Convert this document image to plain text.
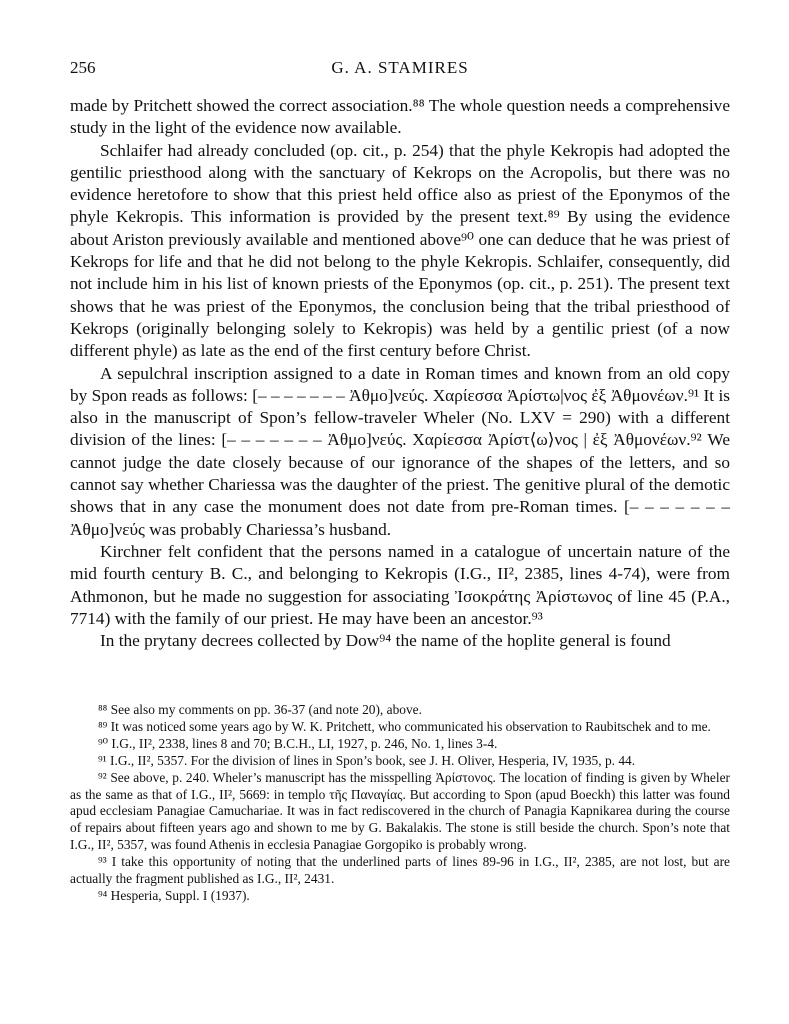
256	G. A. STAMIRES

made by Pritchett showed the correct association.⁸⁸ The whole question needs a comprehensive study in the light of the evidence now available.

Schlaifer had already concluded (op. cit., p. 254) that the phyle Kekropis had adopted the gentilic priesthood along with the sanctuary of Kekrops on the Acropolis, but there was no evidence heretofore to show that this priest held office also as priest of the Eponymos of the phyle Kekropis. This information is provided by the present text.⁸⁹ By using the evidence about Ariston previously available and mentioned above⁹⁰ one can deduce that he was priest of Kekrops for life and that he did not belong to the phyle Kekropis. Schlaifer, consequently, did not include him in his list of known priests of the Eponymos (op. cit., p. 251). The present text shows that he was priest of the Eponymos, the conclusion being that the tribal priesthood of Kekrops (originally belonging solely to Kekropis) was held by a gentilic priest (of a now different phyle) as late as the end of the first century before Christ.

A sepulchral inscription assigned to a date in Roman times and known from an old copy by Spon reads as follows: [– – – – – – – Ἀθμο]νεύς. Χαρίεσσα Ἀρίστω|νος ἐξ Ἀθμονέων.⁹¹ It is also in the manuscript of Spon’s fellow-traveler Wheler (No. LXV = 290) with a different division of the lines: [– – – – – – – Ἀθμο]νεύς. Χαρίεσσα Ἀρίστ⟨ω⟩νος | ἐξ Ἀθμονέων.⁹² We cannot judge the date closely because of our ignorance of the shapes of the letters, and so cannot say whether Chariessa was the daughter of the priest. The genitive plural of the demotic shows that in any case the monument does not date from pre-Roman times. [– – – – – – – Ἀθμο]νεύς was probably Chariessa’s husband.

Kirchner felt confident that the persons named in a catalogue of uncertain nature of the mid fourth century B. C., and belonging to Kekropis (I.G., II², 2385, lines 4-74), were from Athmonon, but he made no suggestion for associating Ἰσοκράτης Ἀρίστωνος of line 45 (P.A., 7714) with the family of our priest. He may have been an ancestor.⁹³

In the prytany decrees collected by Dow⁹⁴ the name of the hoplite general is found

⁸⁸ See also my comments on pp. 36-37 (and note 20), above.

⁸⁹ It was noticed some years ago by W. K. Pritchett, who communicated his observation to Raubitschek and to me.

⁹⁰ I.G., II², 2338, lines 8 and 70; B.C.H., LI, 1927, p. 246, No. 1, lines 3-4.

⁹¹ I.G., II², 5357. For the division of lines in Spon’s book, see J. H. Oliver, Hesperia, IV, 1935, p. 44.

⁹² See above, p. 240. Wheler’s manuscript has the misspelling Ἀρίστονος. The location of finding is given by Wheler as the same as that of I.G., II², 5669: in templo τῆς Παναγίας. But according to Spon (apud Boeckh) this latter was found apud ecclesiam Panagiae Camuchariae. It was in fact rediscovered in the church of Panagia Kapnikarea during the course of repairs about fifteen years ago and shown to me by G. Bakalakis. The stone is still beside the church. Spon’s note that I.G., II², 5357, was found Athenis in ecclesia Panagiae Gorgopiko is probably wrong.

⁹³ I take this opportunity of noting that the underlined parts of lines 89-96 in I.G., II², 2385, are not lost, but are actually the fragment published as I.G., II², 2431.

⁹⁴ Hesperia, Suppl. I (1937).
